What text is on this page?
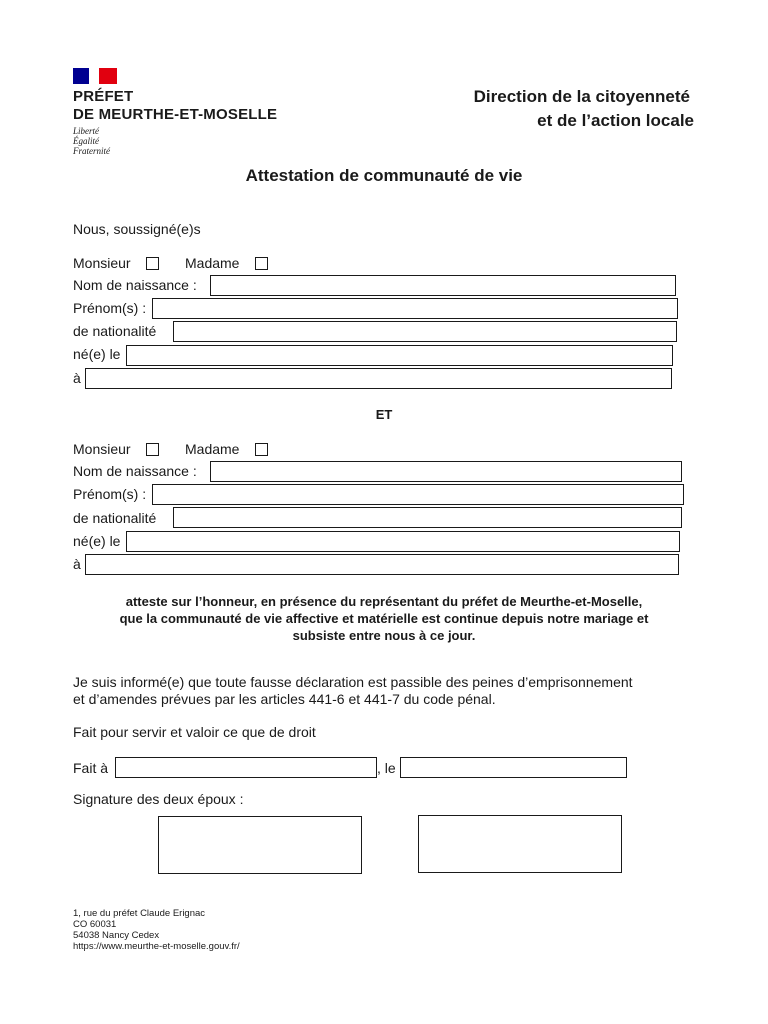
PRÉFET
DE MEURTHE-ET-MOSELLE
Liberté
Égalité
Fraternité
Direction de la citoyenneté
et de l’action locale
Attestation de communauté de vie
Nous, soussigné(e)s
Monsieur	Madame
Nom de naissance :
Prénom(s) :
de nationalité
né(e) le
à
ET
Monsieur	Madame
Nom de naissance :
Prénom(s) :
de nationalité
né(e) le
à
atteste sur l’honneur, en présence du représentant du préfet de Meurthe-et-Moselle,
que la communauté de vie affective et matérielle est continue depuis notre mariage et
subsiste entre nous à ce jour.
Je suis informé(e) que toute fausse déclaration est passible des peines d’emprisonnement
et d’amendes prévues par les articles 441-6 et 441-7 du code pénal.
Fait pour servir et valoir ce que de droit
Fait à	, le
Signature des deux époux :
1, rue du préfet Claude Erignac
CO 60031
54038 Nancy Cedex
https://www.meurthe-et-moselle.gouv.fr/
